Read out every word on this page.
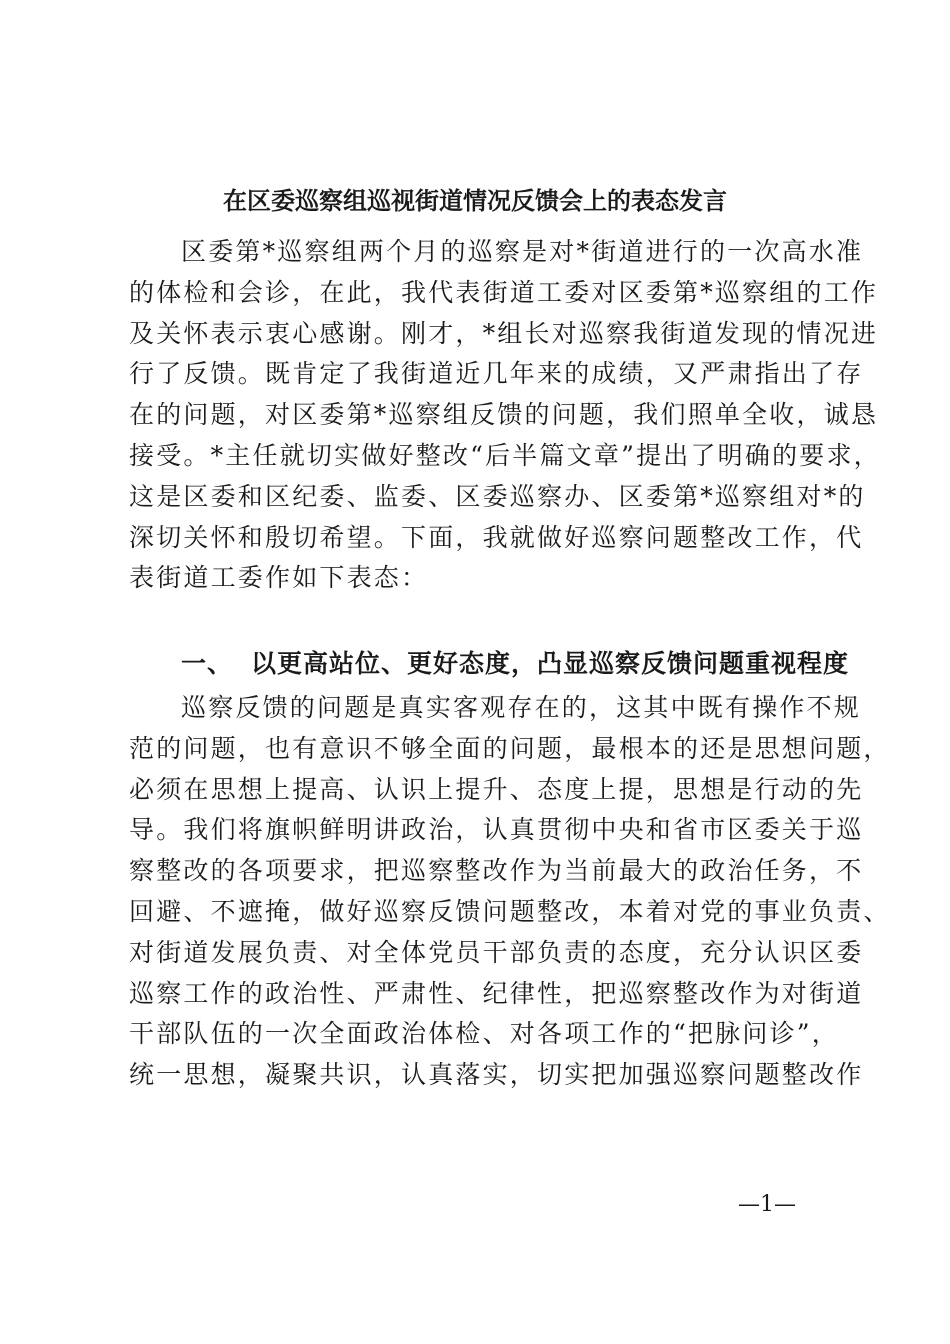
在区委巡察组巡视街道情况反馈会上的表态发言
区委第*巡察组两个月的巡察是对*街道进行的一次高水准
的体检和会诊，在此，我代表街道工委对区委第*巡察组的工作
及关怀表示衷心感谢。刚才，*组长对巡察我街道发现的情况进
行了反馈。既肯定了我街道近几年来的成绩，又严肃指出了存
在的问题，对区委第*巡察组反馈的问题，我们照单全收，诚恳
接受。*主任就切实做好整改“后半篇文章”提出了明确的要求，
这是区委和区纪委、监委、区委巡察办、区委第*巡察组对*的
深切关怀和殷切希望。下面，我就做好巡察问题整改工作，代
表街道工委作如下表态：
一、 以更高站位、更好态度，凸显巡察反馈问题重视程度
巡察反馈的问题是真实客观存在的，这其中既有操作不规
范的问题，也有意识不够全面的问题，最根本的还是思想问题，
必须在思想上提高、认识上提升、态度上提，思想是行动的先
导。我们将旗帜鲜明讲政治，认真贯彻中央和省市区委关于巡
察整改的各项要求，把巡察整改作为当前最大的政治任务，不
回避、不遮掩，做好巡察反馈问题整改，本着对党的事业负责、
对街道发展负责、对全体党员干部负责的态度，充分认识区委
巡察工作的政治性、严肃性、纪律性，把巡察整改作为对街道
干部队伍的一次全面政治体检、对各项工作的“把脉问诊”，
统一思想，凝聚共识，认真落实，切实把加强巡察问题整改作
—1—
